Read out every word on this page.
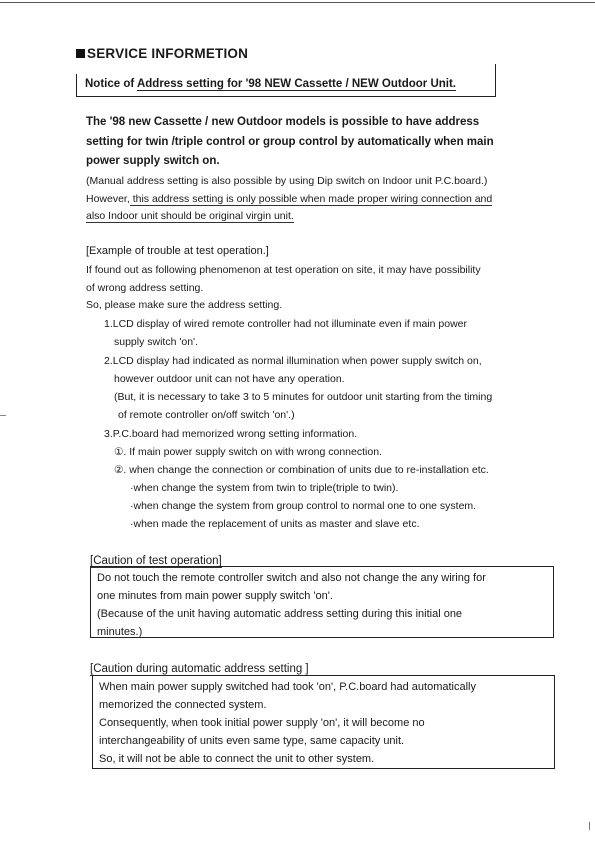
SERVICE INFORMETION
Notice of Address setting for '98 NEW Cassette / NEW Outdoor Unit.
The '98 new Cassette / new Outdoor models is possible to have address
setting for twin /triple control or group control by automatically when main
power supply switch on.
(Manual address setting is also possible by using Dip switch on Indoor unit P.C.board.)
However, this address setting is only possible when made proper wiring connection and
also Indoor unit should be original virgin unit.
[Example of trouble at test operation.]
If found out as following phenomenon at test operation on site, it may have possibility
of wrong address setting.
So, please make sure the address setting.
1.LCD display of wired remote controller had not illuminate even if main power
supply switch 'on'.
2.LCD display had indicated as normal illumination when power supply switch on,
however outdoor unit can not have any operation.
(But, it is necessary to take 3 to 5 minutes for outdoor unit starting from the timing
of remote controller on/off switch 'on'.)
3.P.C.board had memorized wrong setting information.
①. If main power supply switch on with wrong connection.
②. when change the connection or combination of units due to re-installation etc.
·when change the system from twin to triple(triple to twin).
·when change the system from group control to normal one to one system.
·when made the replacement of units as master and slave etc.
[Caution of test operation]
Do not touch the remote controller switch and also not change the any wiring for
one minutes from main power supply switch 'on'.
(Because of the unit having automatic address setting during this initial one
minutes.)
[Caution during automatic address setting ]
When main power supply switched had took 'on', P.C.board had automatically
memorized the connected system.
Consequently, when took initial power supply 'on', it will become no
interchangeability of units even same type, same capacity unit.
So, it will not be able to connect the unit to other system.
